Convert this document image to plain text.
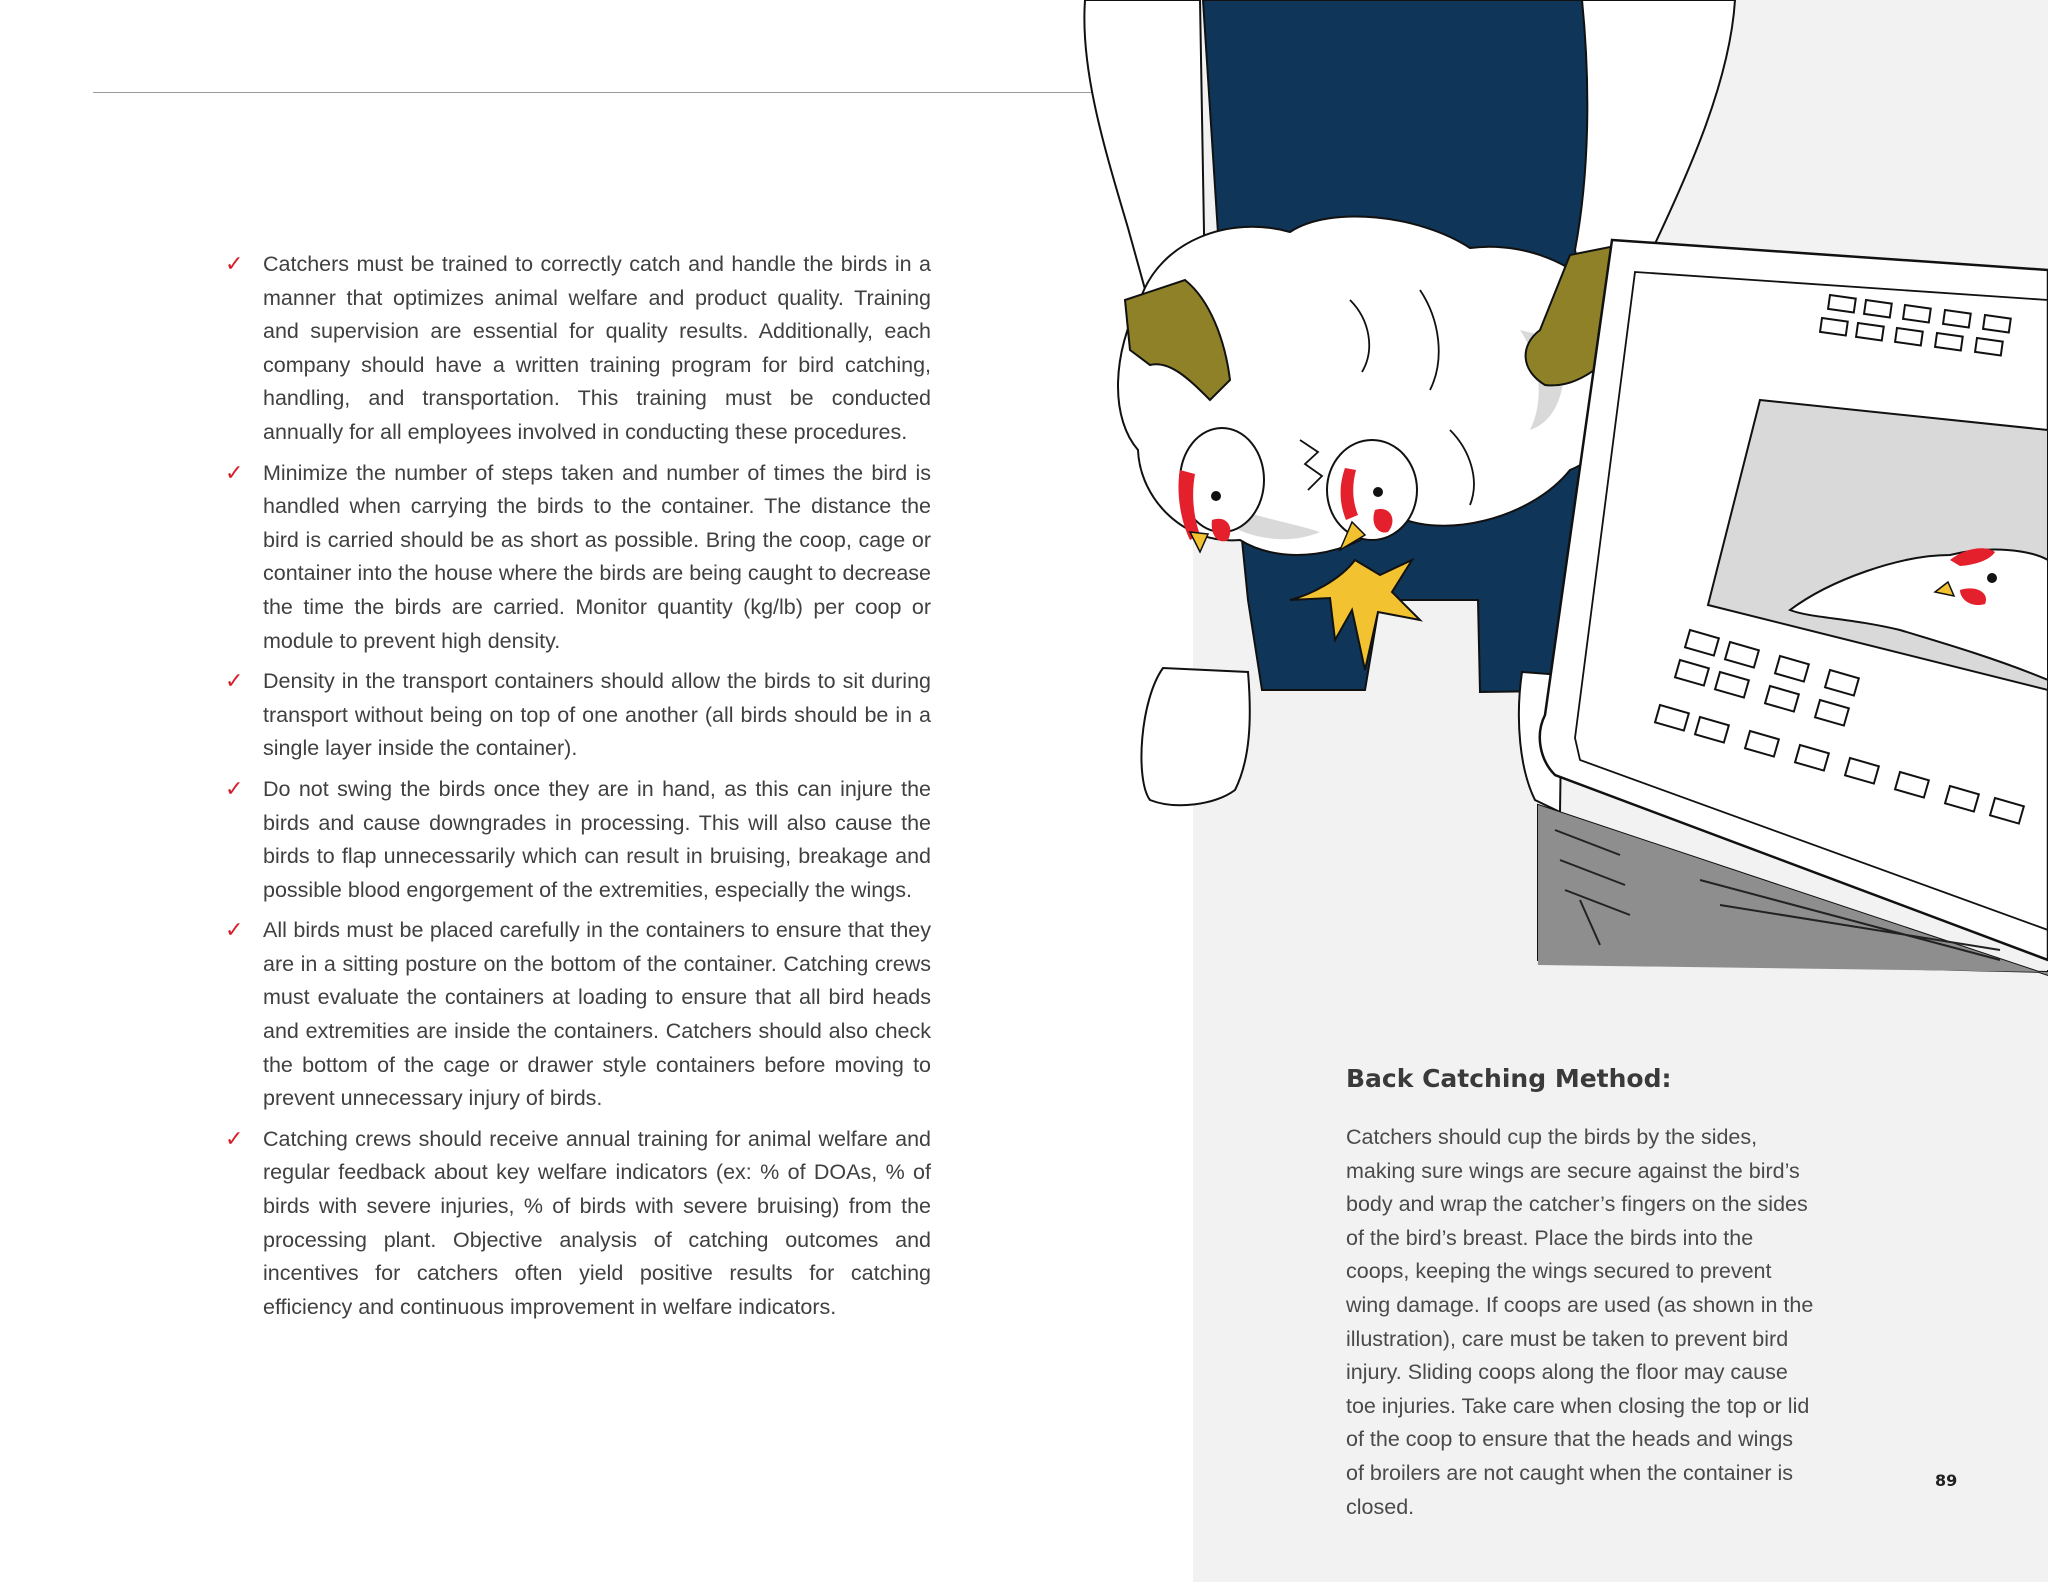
✓ Catchers must be trained to correctly catch and handle the birds in a manner that optimizes animal welfare and product quality. Training and supervision are essential for quality results. Additionally, each company should have a written training program for bird catching, handling, and transportation. This training must be conducted annually for all employees involved in conducting these procedures.
✓ Minimize the number of steps taken and number of times the bird is handled when carrying the birds to the container. The distance the bird is carried should be as short as possible. Bring the coop, cage or container into the house where the birds are being caught to decrease the time the birds are carried. Monitor quantity (kg/lb) per coop or module to prevent high density.
✓ Density in the transport containers should allow the birds to sit during transport without being on top of one another (all birds should be in a single layer inside the container).
✓ Do not swing the birds once they are in hand, as this can injure the birds and cause downgrades in processing. This will also cause the birds to flap unnecessarily which can result in bruising, breakage and possible blood engorgement of the extremities, especially the wings.
✓ All birds must be placed carefully in the containers to ensure that they are in a sitting posture on the bottom of the container. Catching crews must evaluate the containers at loading to ensure that all bird heads and extremities are inside the containers. Catchers should also check the bottom of the cage or drawer style containers before moving to prevent unnecessary injury of birds.
✓ Catching crews should receive annual training for animal welfare and regular feedback about key welfare indicators (ex: % of DOAs, % of birds with severe injuries, % of birds with severe bruising) from the processing plant. Objective analysis of catching outcomes and incentives for catchers often yield positive results for catching efficiency and continuous improvement in welfare indicators.
Back Catching Method:

Catchers should cup the birds by the sides, making sure wings are secure against the bird’s body and wrap the catcher’s fingers on the sides of the bird’s breast. Place the birds into the coops, keeping the wings secured to prevent wing damage. If coops are used (as shown in the illustration), care must be taken to prevent bird injury. Sliding coops along the floor may cause toe injuries. Take care when closing the top or lid of the coop to ensure that the heads and wings of broilers are not caught when the container is closed.

89
